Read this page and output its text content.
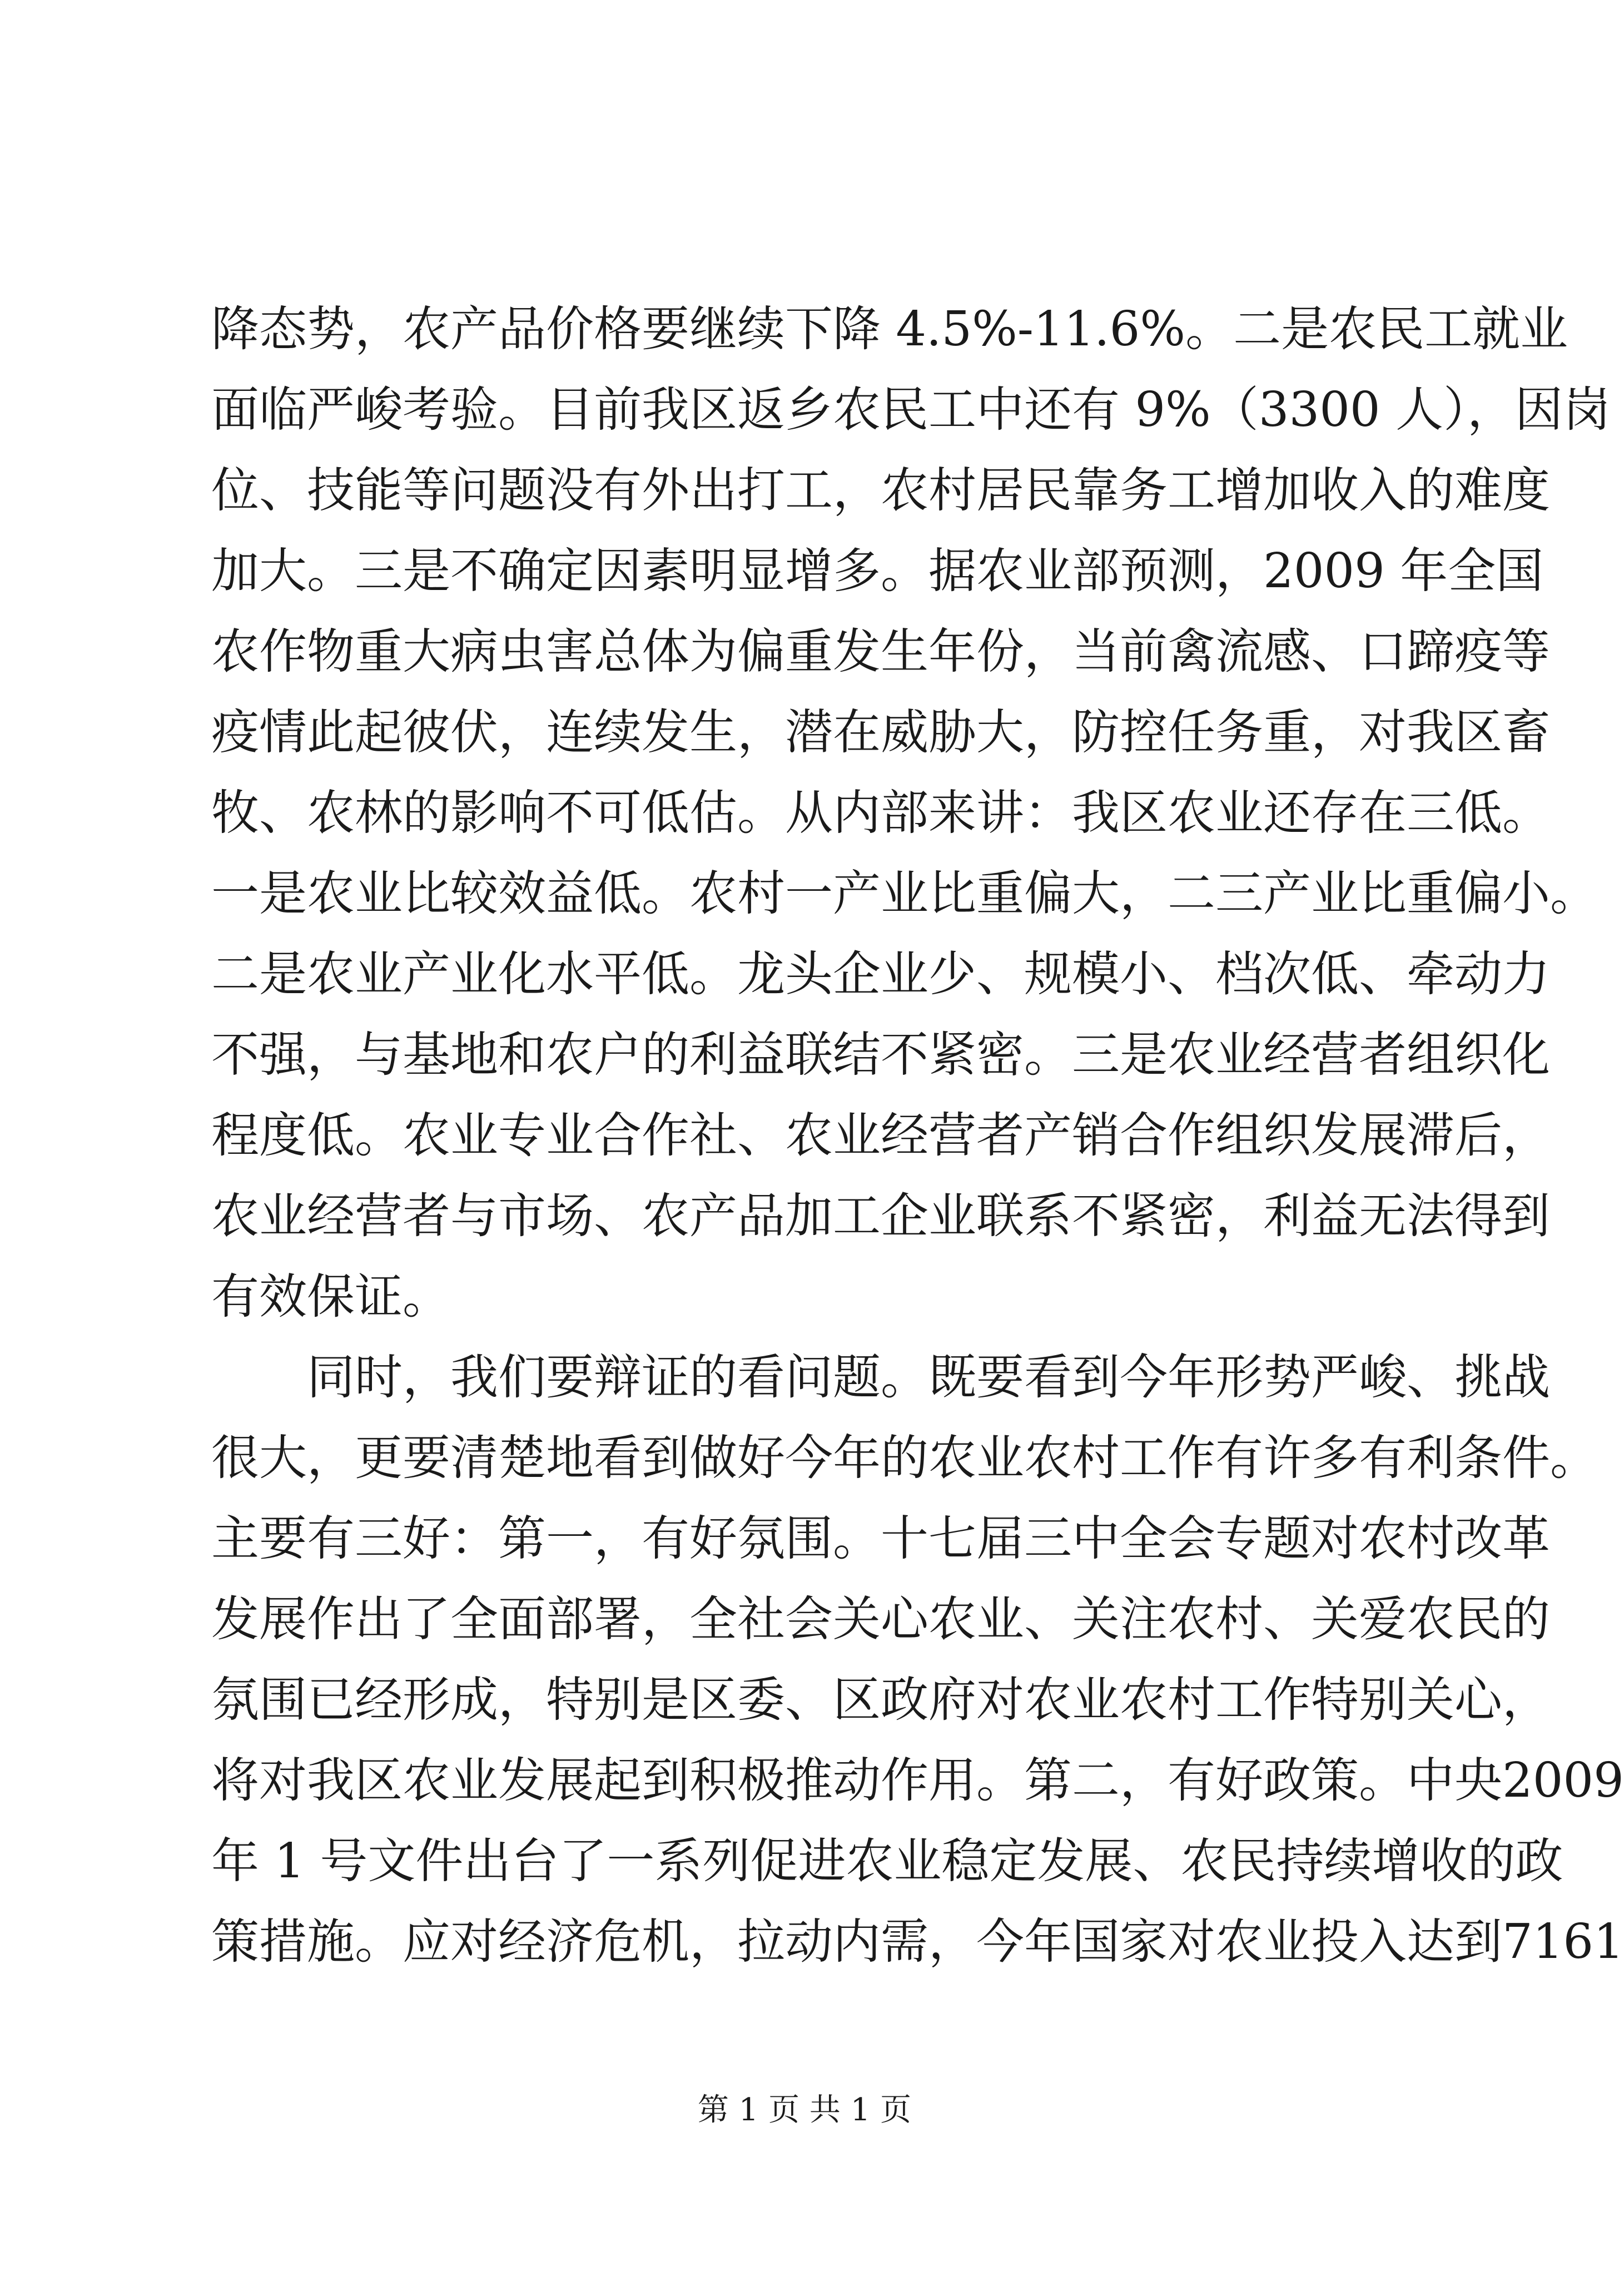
降态势，农产品价格要继续下降 4.5%-11.6%。二是农民工就业
面临严峻考验。目前我区返乡农民工中还有 9%（3300 人），因岗
位、技能等问题没有外出打工，农村居民靠务工增加收入的难度
加大。三是不确定因素明显增多。据农业部预测，2009 年全国
农作物重大病虫害总体为偏重发生年份，当前禽流感、口蹄疫等
疫情此起彼伏，连续发生，潜在威胁大，防控任务重，对我区畜
牧、农林的影响不可低估。从内部来讲：我区农业还存在三低。
一是农业比较效益低。农村一产业比重偏大，二三产业比重偏小。
二是农业产业化水平低。龙头企业少、规模小、档次低、牵动力
不强，与基地和农户的利益联结不紧密。三是农业经营者组织化
程度低。农业专业合作社、农业经营者产销合作组织发展滞后，
农业经营者与市场、农产品加工企业联系不紧密，利益无法得到
有效保证。
同时，我们要辩证的看问题。既要看到今年形势严峻、挑战
很大，更要清楚地看到做好今年的农业农村工作有许多有利条件。
主要有三好：第一，有好氛围。十七届三中全会专题对农村改革
发展作出了全面部署，全社会关心农业、关注农村、关爱农民的
氛围已经形成，特别是区委、区政府对农业农村工作特别关心，
将对我区农业发展起到积极推动作用。第二，有好政策。中央2009
年 1 号文件出台了一系列促进农业稳定发展、农民持续增收的政
策措施。应对经济危机，拉动内需，今年国家对农业投入达到7161
第 1 页 共 1 页
